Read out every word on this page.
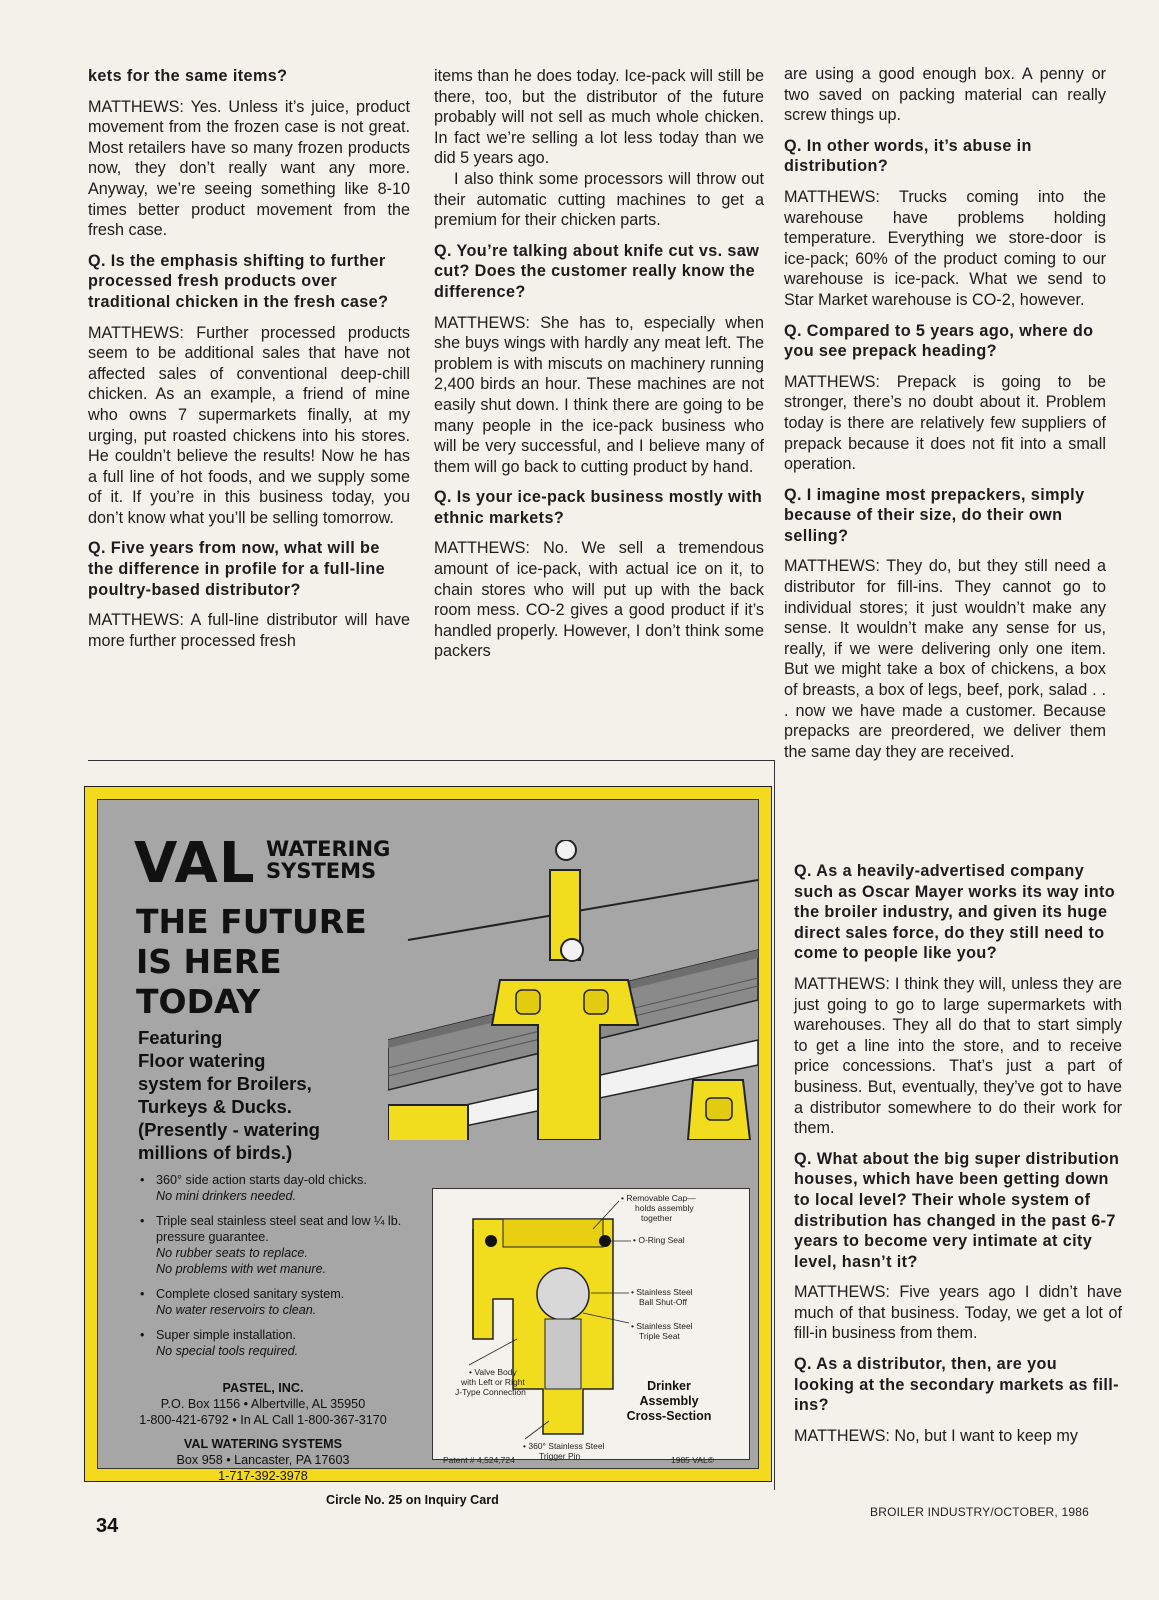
kets for the same items?

MATTHEWS: Yes. Unless it’s juice, product movement from the frozen case is not great. Most retailers have so many frozen products now, they don’t really want any more. Anyway, we’re seeing something like 8-10 times better product movement from the fresh case.

Q. Is the emphasis shifting to further processed fresh products over traditional chicken in the fresh case?

MATTHEWS: Further processed products seem to be additional sales that have not affected sales of conventional deep-chill chicken. As an example, a friend of mine who owns 7 supermarkets finally, at my urging, put roasted chickens into his stores. He couldn’t believe the results! Now he has a full line of hot foods, and we supply some of it. If you’re in this business today, you don’t know what you’ll be selling tomorrow.

Q. Five years from now, what will be the difference in profile for a full-line poultry-based distributor?

MATTHEWS: A full-line distributor will have more further processed fresh

items than he does today. Ice-pack will still be there, too, but the distributor of the future probably will not sell as much whole chicken. In fact we’re selling a lot less today than we did 5 years ago.

I also think some processors will throw out their automatic cutting machines to get a premium for their chicken parts.

Q. You’re talking about knife cut vs. saw cut? Does the customer really know the difference?

MATTHEWS: She has to, especially when she buys wings with hardly any meat left. The problem is with miscuts on machinery running 2,400 birds an hour. These machines are not easily shut down. I think there are going to be many people in the ice-pack business who will be very successful, and I believe many of them will go back to cutting product by hand.

Q. Is your ice-pack business mostly with ethnic markets?

MATTHEWS: No. We sell a tremendous amount of ice-pack, with actual ice on it, to chain stores who will put up with the back room mess. CO-2 gives a good product if it’s handled properly. However, I don’t think some packers

are using a good enough box. A penny or two saved on packing material can really screw things up.

Q. In other words, it’s abuse in distribution?

MATTHEWS: Trucks coming into the warehouse have problems holding temperature. Everything we store-door is ice-pack; 60% of the product coming to our warehouse is ice-pack. What we send to Star Market warehouse is CO-2, however.

Q. Compared to 5 years ago, where do you see prepack heading?

MATTHEWS: Prepack is going to be stronger, there’s no doubt about it. Problem today is there are relatively few suppliers of prepack because it does not fit into a small operation.

Q. I imagine most prepackers, simply because of their size, do their own selling?

MATTHEWS: They do, but they still need a distributor for fill-ins. They cannot go to individual stores; it just wouldn’t make any sense. It wouldn’t make any sense for us, really, if we were delivering only one item. But we might take a box of chickens, a box of breasts, a box of legs, beef, pork, salad . . . now we have made a customer. Because prepacks are preordered, we deliver them the same day they are received.

Q. As a heavily-advertised company such as Oscar Mayer works its way into the broiler industry, and given its huge direct sales force, do they still need to come to people like you?

MATTHEWS: I think they will, unless they are just going to go to large supermarkets with warehouses. They all do that to start simply to get a line into the store, and to receive price concessions. That’s just a part of business. But, eventually, they’ve got to have a distributor somewhere to do their work for them.

Q. What about the big super distribution houses, which have been getting down to local level? Their whole system of distribution has changed in the past 6-7 years to become very intimate at city level, hasn’t it?

MATTHEWS: Five years ago I didn’t have much of that business. Today, we get a lot of fill-in business from them.

Q. As a distributor, then, are you looking at the secondary markets as fill-ins?

MATTHEWS: No, but I want to keep my

VAL WATERING
SYSTEMS
THE FUTURE
IS HERE
TODAY
Featuring
Floor watering
system for Broilers,
Turkeys & Ducks.
(Presently - watering
millions of birds.)
• 360° side action starts day-old chicks.
No mini drinkers needed.
• Triple seal stainless steel seat and low ¼ lb. pressure guarantee.
No rubber seats to replace.
No problems with wet manure.
• Complete closed sanitary system.
No water reservoirs to clean.
• Super simple installation.
No special tools required.
PASTEL, INC.
P.O. Box 1156 • Albertville, AL 35950
1-800-421-6792 • In AL Call 1-800-367-3170
VAL WATERING SYSTEMS
Box 958 • Lancaster, PA 17603
1-717-392-3978
• Removable Cap—
holds assembly
together
• O-Ring Seal
• Stainless Steel
Ball Shut-Off
• Stainless Steel
Triple Seat
• Valve Body
with Left or Right
J-Type Connection
• 360° Stainless Steel
Trigger Pin
Drinker
Assembly
Cross-Section
Patent # 4,524,724	1985 VAL©
Circle No. 25 on Inquiry Card
34
BROILER INDUSTRY/OCTOBER, 1986
